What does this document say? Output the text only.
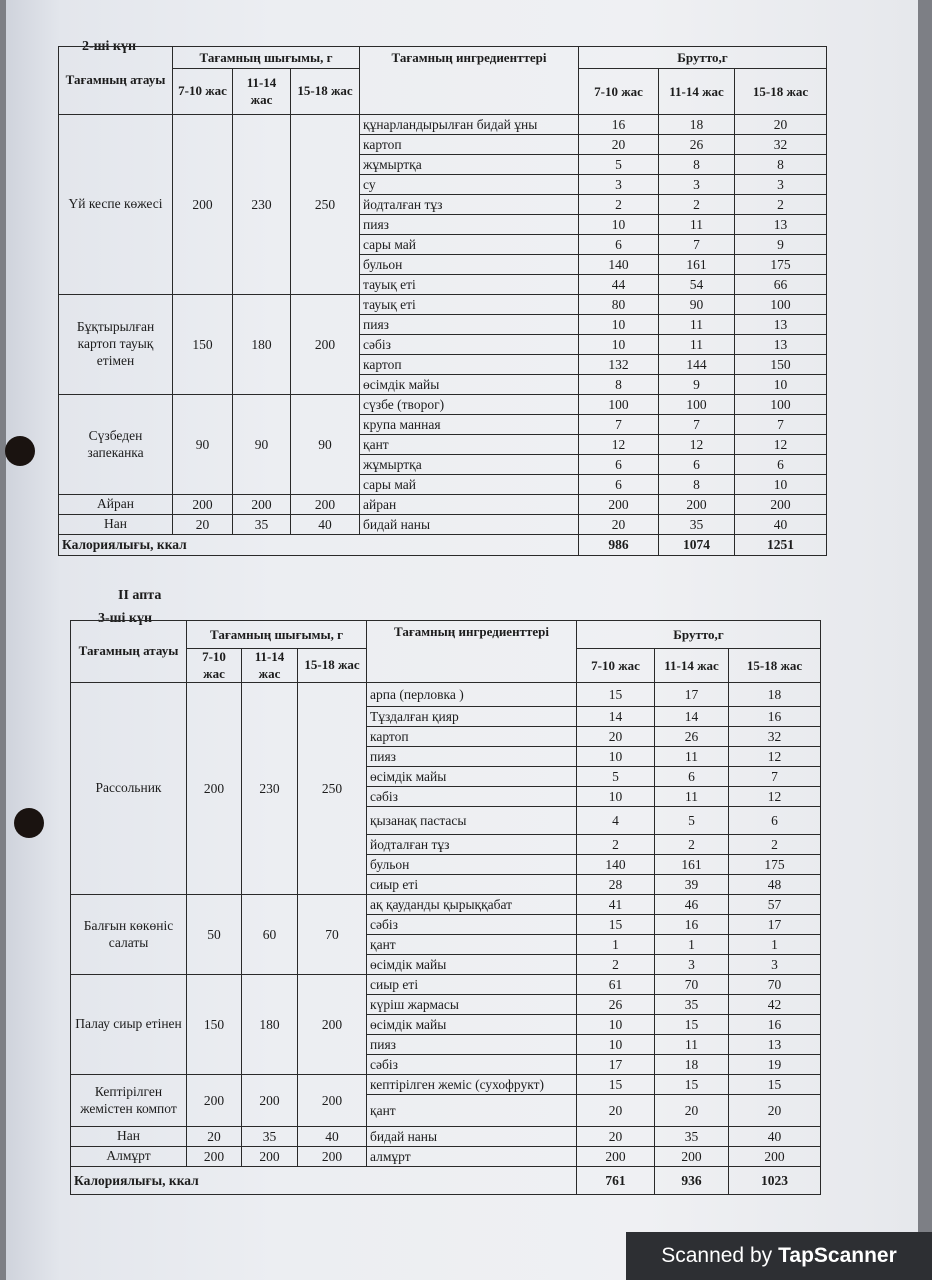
2-ші күн
Тағамның атауы	Тағамның шығымы, г			Тағамның ингредиенттері	Брутто,г		
	7-10 жас	11-14 жас	15-18 жас		7-10 жас	11-14 жас	15-18 жас
Үй кеспе көжесі	200	230	250	құнарландырылған бидай ұны	16	18	20
				картоп	20	26	32
				жұмыртқа	5	8	8
				су	3	3	3
				йодталған тұз	2	2	2
				пияз	10	11	13
				сары май	6	7	9
				бульон	140	161	175
				тауық еті	44	54	66
Бұқтырылған картоп тауық етімен	150	180	200	тауық еті	80	90	100
				пияз	10	11	13
				сәбіз	10	11	13
				картоп	132	144	150
				өсімдік майы	8	9	10
Сүзбеден запеканка	90	90	90	сүзбе (творог)	100	100	100
				крупа манная	7	7	7
				қант	12	12	12
				жұмыртқа	6	6	6
				сары май	6	8	10
Айран	200	200	200	айран	200	200	200
Нан	20	35	40	бидай наны	20	35	40
Калориялығы, ккал					986	1074	1251
II апта
3-ші күн
Тағамның атауы	Тағамның шығымы, г			Тағамның ингредиенттері	Брутто,г		
	7-10 жас	11-14 жас	15-18 жас		7-10 жас	11-14 жас	15-18 жас
Рассольник	200	230	250	арпа (перловка )	15	17	18
				Тұздалған қияр	14	14	16
				картоп	20	26	32
				пияз	10	11	12
				өсімдік майы	5	6	7
				сәбіз	10	11	12
				қызанақ пастасы	4	5	6
				йодталған тұз	2	2	2
				бульон	140	161	175
				сиыр еті	28	39	48
Балғын көкөніс салаты	50	60	70	ақ қауданды қырыққабат	41	46	57
				сәбіз	15	16	17
				қант	1	1	1
				өсімдік майы	2	3	3
Палау сиыр етінен	150	180	200	сиыр еті	61	70	70
				күріш жармасы	26	35	42
				өсімдік майы	10	15	16
				пияз	10	11	13
				сәбіз	17	18	19
Кептірілген жемістен компот	200	200	200	кептірілген жеміс (сухофрукт)	15	15	15
				қант	20	20	20
Нан	20	35	40	бидай наны	20	35	40
Алмұрт	200	200	200	алмұрт	200	200	200
Калориялығы, ккал					761	936	1023
Scanned by TapScanner
